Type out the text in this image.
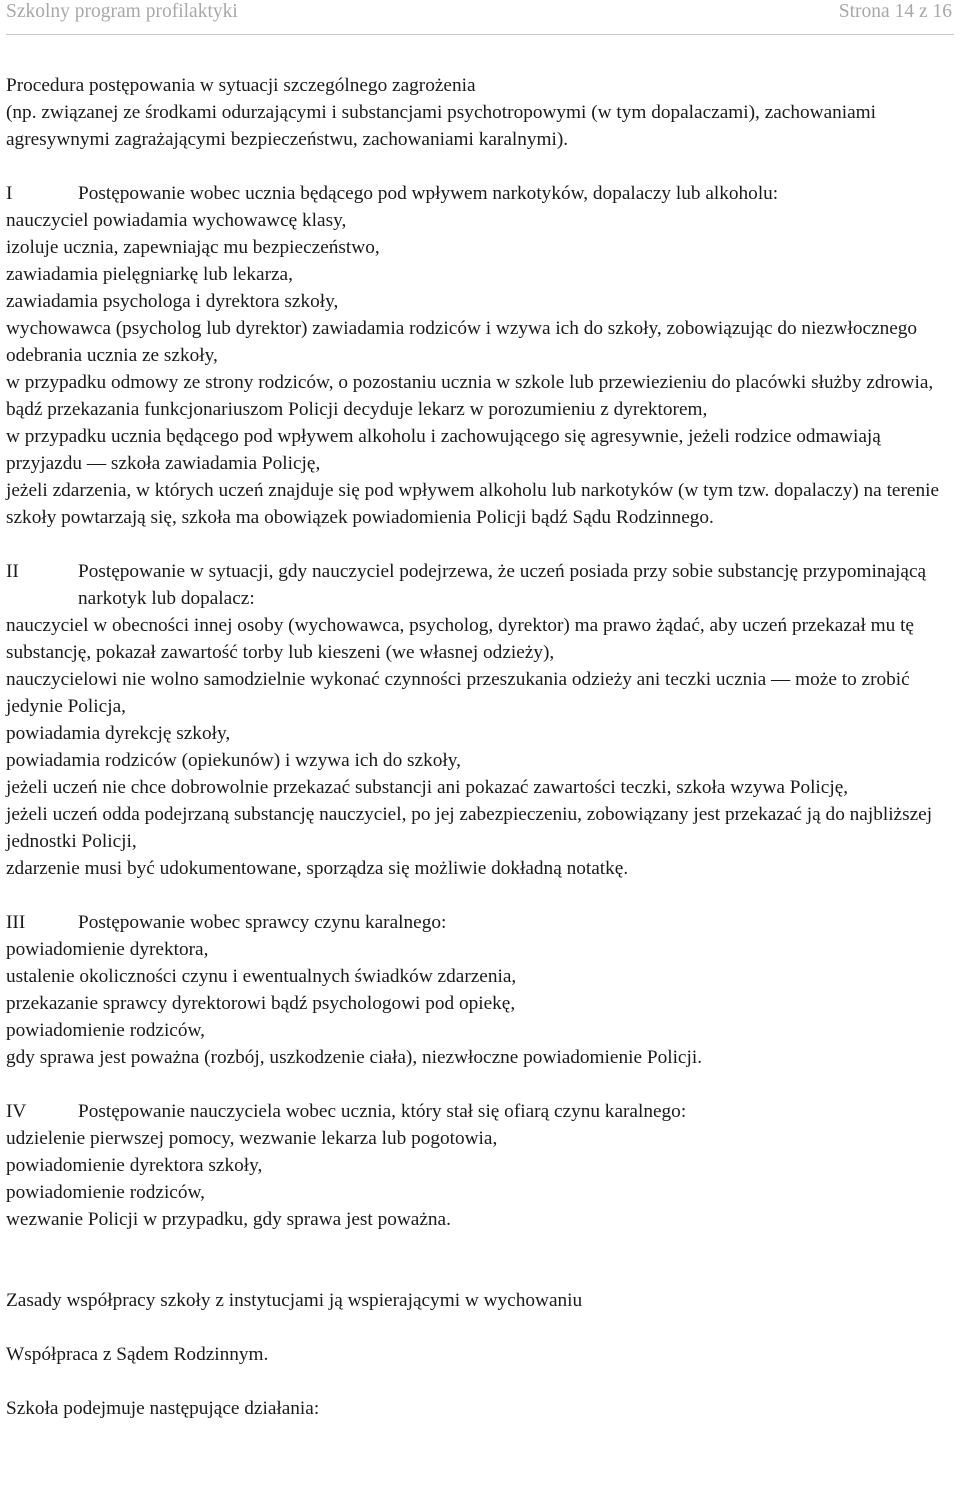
Szkolny program profilaktyki	Strona 14 z 16

Procedura postępowania w sytuacji szczególnego zagrożenia

(np. związanej ze środkami odurzającymi i substancjami psychotropowymi (w tym dopalaczami), zachowaniami agresywnymi zagrażającymi bezpieczeństwu, zachowaniami karalnymi).

I	Postępowanie wobec ucznia będącego pod wpływem narkotyków, dopalaczy lub alkoholu:

nauczyciel powiadamia wychowawcę klasy,

izoluje ucznia, zapewniając mu bezpieczeństwo,

zawiadamia pielęgniarkę lub lekarza,

zawiadamia psychologa i dyrektora szkoły,

wychowawca (psycholog lub dyrektor) zawiadamia rodziców i wzywa ich do szkoły, zobowiązując do niezwłocznego odebrania ucznia ze szkoły,

w przypadku odmowy ze strony rodziców, o pozostaniu ucznia w szkole lub przewiezieniu do placówki służby zdrowia, bądź przekazania funkcjonariuszom Policji decyduje lekarz w porozumieniu z dyrektorem,

w przypadku ucznia będącego pod wpływem alkoholu i zachowującego się agresywnie, jeżeli rodzice odmawiają przyjazdu ― szkoła zawiadamia Policję,

jeżeli zdarzenia, w których uczeń znajduje się pod wpływem alkoholu lub narkotyków (w tym tzw. dopalaczy) na terenie szkoły powtarzają się, szkoła ma obowiązek powiadomienia Policji bądź Sądu Rodzinnego.

II	Postępowanie w sytuacji, gdy nauczyciel podejrzewa, że uczeń posiada przy sobie substancję przypominającą narkotyk lub dopalacz:

nauczyciel w obecności innej osoby (wychowawca, psycholog, dyrektor) ma prawo żądać, aby uczeń przekazał mu tę substancję, pokazał zawartość torby lub kieszeni (we własnej odzieży),

nauczycielowi nie wolno samodzielnie wykonać czynności przeszukania odzieży ani teczki ucznia ― może to zrobić jedynie Policja,

powiadamia dyrekcję szkoły,

powiadamia rodziców (opiekunów) i wzywa ich do szkoły,

jeżeli uczeń nie chce dobrowolnie przekazać substancji ani pokazać zawartości teczki, szkoła wzywa Policję,

jeżeli uczeń odda podejrzaną substancję nauczyciel, po jej zabezpieczeniu, zobowiązany jest przekazać ją do najbliższej jednostki Policji,

zdarzenie musi być udokumentowane, sporządza się możliwie dokładną notatkę.

III	Postępowanie wobec sprawcy czynu karalnego:

powiadomienie dyrektora,

ustalenie okoliczności czynu i ewentualnych świadków zdarzenia,

przekazanie sprawcy dyrektorowi bądź psychologowi pod opiekę,

powiadomienie rodziców,

gdy sprawa jest poważna (rozbój, uszkodzenie ciała), niezwłoczne powiadomienie Policji.

IV	Postępowanie nauczyciela wobec ucznia, który stał się ofiarą czynu karalnego:

udzielenie pierwszej pomocy, wezwanie lekarza lub pogotowia,

powiadomienie dyrektora szkoły,

powiadomienie rodziców,

wezwanie Policji w przypadku, gdy sprawa jest poważna.

Zasady współpracy szkoły z instytucjami ją wspierającymi w wychowaniu

Współpraca z Sądem Rodzinnym.

Szkoła podejmuje następujące działania:
